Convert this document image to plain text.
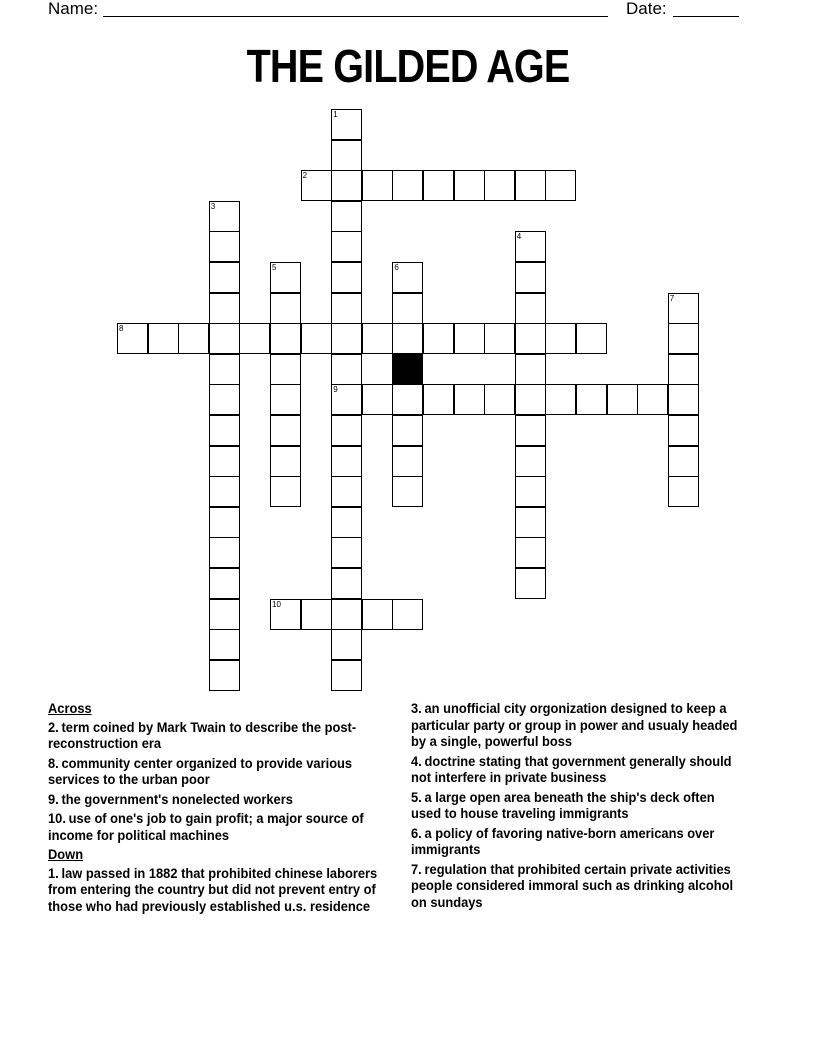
Name:	Date:
THE GILDED AGE
1
9
2
3
4
5	6
7
8
10
Across
2. term coined by Mark Twain to describe the post-reconstruction era
8. community center organized to provide various services to the urban poor
9. the government's nonelected workers
10. use of one's job to gain profit; a major source of income for political machines
Down
1. law passed in 1882 that prohibited chinese laborers from entering the country but did not prevent entry of those who had previously established u.s. residence
3. an unofficial city orgonization designed to keep a particular party or group in power and usualy headed by a single, powerful boss
4. doctrine stating that government generally should not interfere in private business
5. a large open area beneath the ship's deck often used to house traveling immigrants
6. a policy of favoring native-born americans over immigrants
7. regulation that prohibited certain private activities people considered immoral such as drinking alcohol on sundays
